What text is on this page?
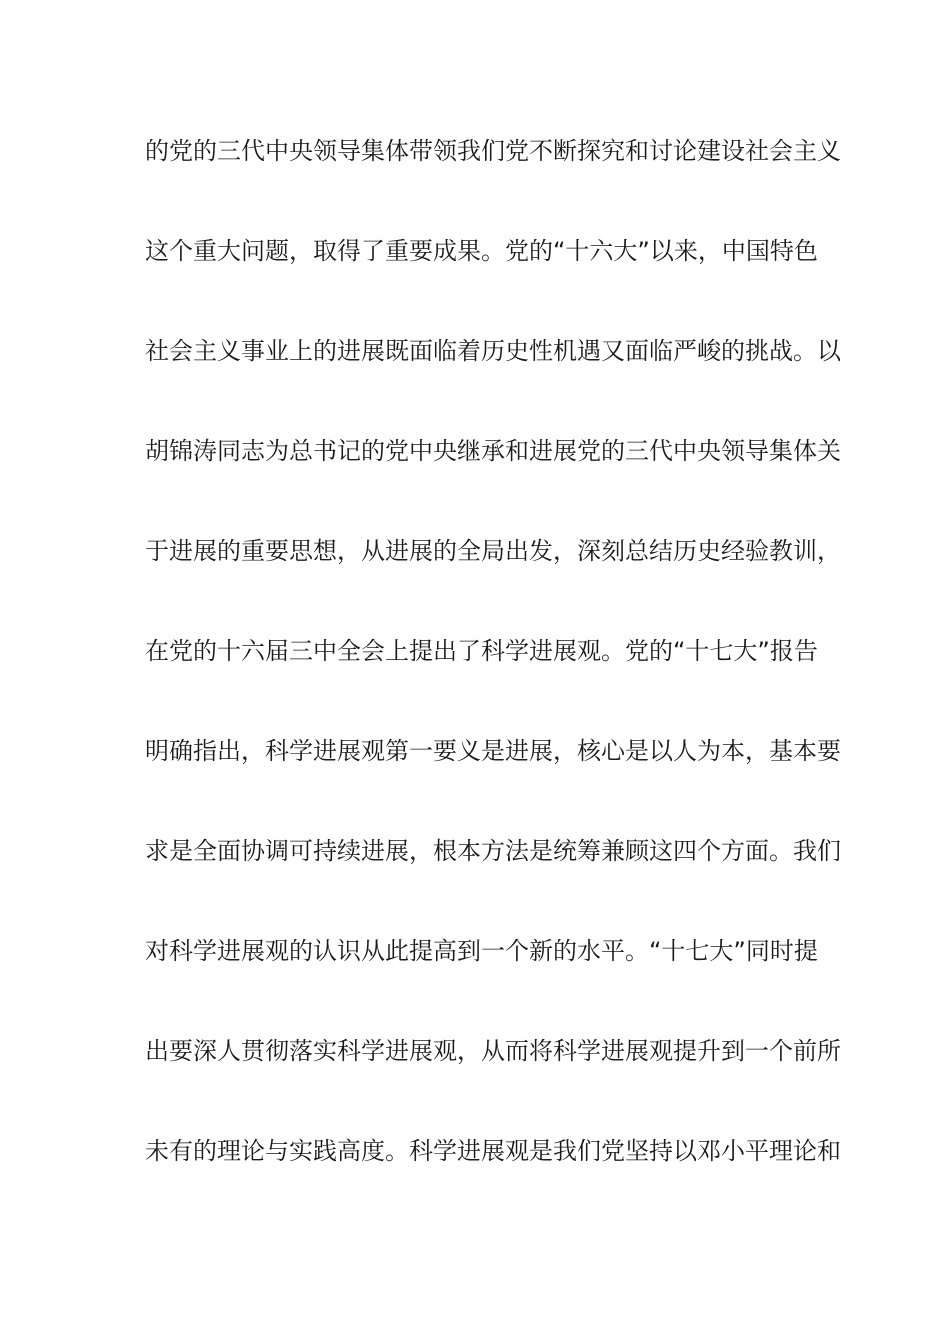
的党的三代中央领导集体带领我们党不断探究和讨论建设社会主义
这个重大问题，取得了重要成果。党的“十六大”以来，中国特色
社会主义事业上的进展既面临着历史性机遇又面临严峻的挑战。以
胡锦涛同志为总书记的党中央继承和进展党的三代中央领导集体关
于进展的重要思想，从进展的全局出发，深刻总结历史经验教训，
在党的十六届三中全会上提出了科学进展观。党的“十七大”报告
明确指出，科学进展观第一要义是进展，核心是以人为本，基本要
求是全面协调可持续进展，根本方法是统筹兼顾这四个方面。我们
对科学进展观的认识从此提高到一个新的水平。“十七大”同时提
出要深人贯彻落实科学进展观，从而将科学进展观提升到一个前所
未有的理论与实践高度。科学进展观是我们党坚持以邓小平理论和
